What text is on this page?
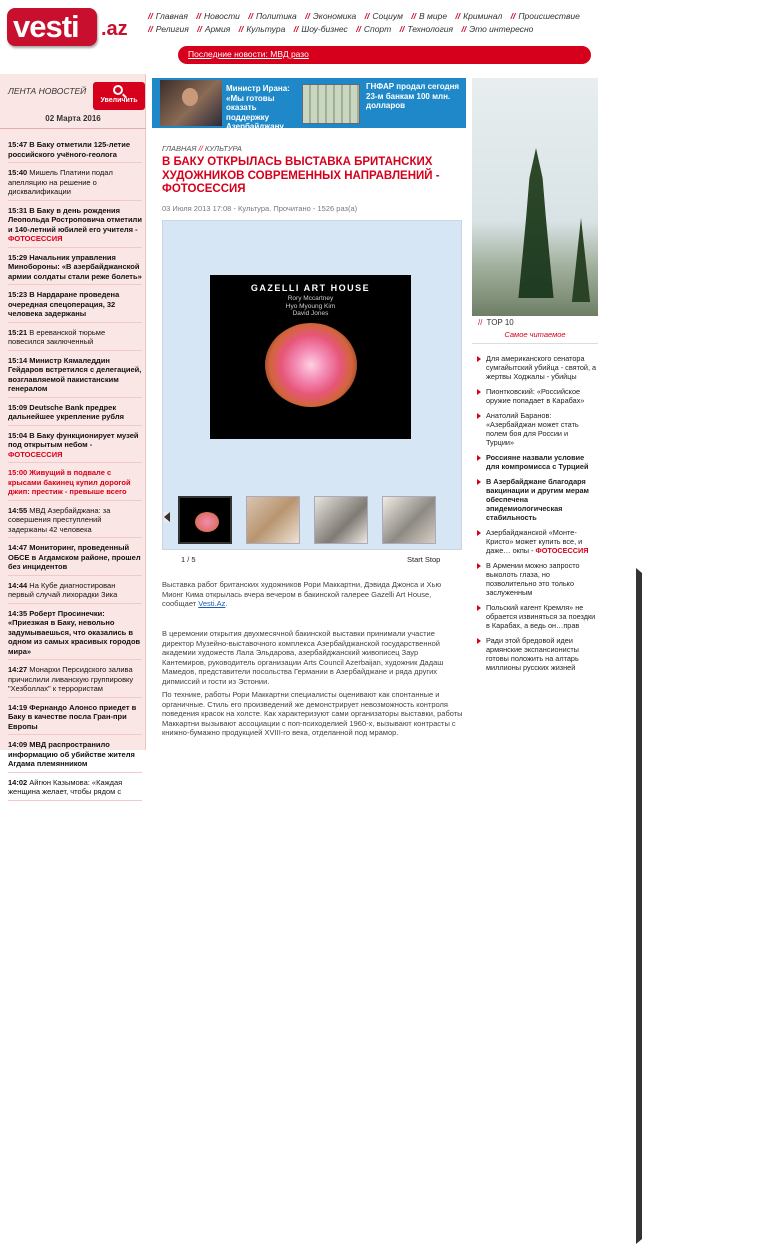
vesti .az
// Главная // Новости // Политика // Экономика // Социум // В мире // Криминал // Происшествие // Религия // Армия // Культура // Шоу-бизнес // Спорт // Технология // Это интересно
Последние новости: МВД разо
ЛЕНТА НОВОСТЕЙ
Увеличить
02 Марта 2016
15:47 В Баку отметили 125-летие российского учёного-геолога
15:40 Мишель Платини подал апелляцию на решение о дисквалификации
15:31 В Баку в день рождения Леопольда Ростроповича отметили и 140-летний юбилей его учителя - ФОТОСЕССИЯ
15:29 Начальник управления Минобороны: «В азербайджанской армии солдаты стали реже болеть»
15:23 В Нардаране проведена очередная спецоперация, 32 человека задержаны
15:21 В ереванской тюрьме повесился заключенный
15:14 Министр Кямаледдин Гейдаров встретился с делегацией, возглавляемой пакистанским генералом
15:09 Deutsche Bank предрек дальнейшее укрепление рубля
15:04 В Баку функционирует музей под открытым небом - ФОТОСЕССИЯ
15:00 Живущий в подвале с крысами бакинец купил дорогой джип: престиж - превыше всего
14:55 МВД Азербайджана: за совершения преступлений задержаны 42 человека
14:47 Мониторинг, проведенный ОБСЕ в Агдамском районе, прошел без инцидентов
14:44 На Кубе диагностирован первый случай лихорадки Зика
14:35 Роберт Просинечки: «Приезжая в Баку, невольно задумываешься, что оказались в одном из самых красивых городов мира»
14:27 Монархи Персидского залива причислили ливанскую группировку "Хезболлах" к террористам
14:19 Фернандо Алонсо приедет в Баку в качестве посла Гран-при Европы
14:09 МВД распространило информацию об убийстве жителя Агдама племянником
14:02 Айгюн Казымова: «Каждая женщина желает, чтобы рядом с
Министр Ирана: «Мы готовы оказать поддержку Азербайджану
ГНФАР продал сегодня 23-м банкам 100 млн. долларов
ГЛАВНАЯ // КУЛЬТУРА
В БАКУ ОТКРЫЛАСЬ ВЫСТАВКА БРИТАНСКИХ ХУДОЖНИКОВ СОВРЕМЕННЫХ НАПРАВЛЕНИЙ - ФОТОСЕССИЯ
03 Июля 2013 17:08 - Культура. Прочитано - 1526 раз(а)
GAZELLI ART HOUSE
Rory Mccartney
Hyo Myoung Kim
David Jones
1 / 5	Start Stop
Выставка работ британских художников Рори Маккартни, Дэвида Джонса и Хью Мионг Кима открылась вчера вечером в бакинской галерее Gazelli Art House, сообщает Vesti.Az.
В церемонии открытия двухмесячной бакинской выставки принимали участие директор Музейно-выставочного комплекса Азербайджанской государственной академии художеств Лала Эльдарова, азербайджанский живописец Заур Кантемиров, руководитель организации Arts Council Azerbaijan, художник Дадаш Мамедов, представители посольства Германии в Азербайджане и ряда других дипмиссий и гости из Эстонии.
По технике, работы Рори Маккартни специалисты оценивают как спонтанные и органичные. Стиль его произведений же демонстрирует невозможность контроля поведения красок на холсте. Как характеризуют сами организаторы выставки, работы Маккартни вызывают ассоциации с поп-психоделией 1960-х, вызывают контрасты с книжно-бумажно продукцией XVIII-го века, отделанной под мрамор.
// TOP 10
Самое читаемое
Для американского сенатора сумгайытский убийца - святой, а жертвы Ходжалы - убийцы
Пионтковский: «Российское оружие попадает в Карабах»
Анатолий Баранов: «Азербайджан может стать полем боя для России и Турции»
Россияне назвали условие для компромисса с Турцией
В Азербайджане благодаря вакцинации и другим мерам обеспечена эпидемиологическая стабильность
Азербайджанской «Монте-Кристо» может купить все, и даже… окпы - ФОТОСЕССИЯ
В Армении можно запросто выколоть глаза, но позволительно это только заслуженным
Польский кагент Кремля» не обрается извиняться за поездки в Карабах, а ведь он…прав
Ради этой бредовой идеи армянские экспансионисты готовы положить на алтарь миллионы русских жизней
